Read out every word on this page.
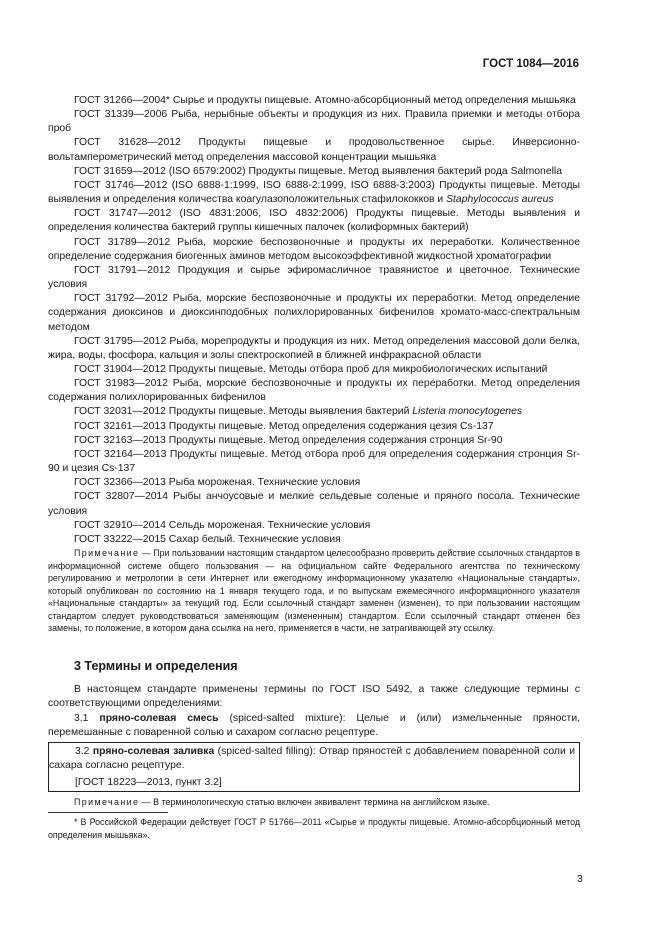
ГОСТ 1084—2016

ГОСТ 31266—2004* Сырье и продукты пищевые. Атомно-абсорбционный метод определения мышьяка

ГОСТ 31339—2006 Рыба, нерыбные объекты и продукция из них. Правила приемки и методы отбора проб

ГОСТ 31628—2012 Продукты пищевые и продовольственное сырье. Инверсионно-вольтамперометрический метод определения массовой концентрации мышьяка

ГОСТ 31659—2012 (ISO 6579:2002) Продукты пищевые. Метод выявления бактерий рода Salmonella

ГОСТ 31746—2012 (ISO 6888-1:1999, ISO 6888-2:1999, ISO 6888-3:2003) Продукты пищевые. Методы выявления и определения количества коагулазоположительных стафилококков и Staphylococcus aureus

ГОСТ 31747—2012 (ISO 4831:2006, ISO 4832:2006) Продукты пищевые. Методы выявления и определения количества бактерий группы кишечных палочек (колиформных бактерий)

ГОСТ 31789—2012 Рыба, морские беспозвоночные и продукты их переработки. Количественное определение содержания биогенных аминов методом высокоэффективной жидкостной хроматографии

ГОСТ 31791—2012 Продукция и сырье эфиромасличное травянистое и цветочное. Технические условия

ГОСТ 31792—2012 Рыба, морские беспозвоночные и продукты их переработки. Метод определение содержания диоксинов и диоксинподобных полихлорированных бифенилов хромато-масс-спектральным методом

ГОСТ 31795—2012 Рыба, морепродукты и продукция из них. Метод определения массовой доли белка, жира, воды, фосфора, кальция и золы спектроскопией в ближней инфракрасной области

ГОСТ 31904—2012 Продукты пищевые. Методы отбора проб для микробиологических испытаний

ГОСТ 31983—2012 Рыба, морские беспозвоночные и продукты их переработки. Метод определения содержания полихлорированных бифенилов

ГОСТ 32031—2012 Продукты пищевые. Методы выявления бактерий Listeria monocytogenes

ГОСТ 32161—2013 Продукты пищевые. Метод определения содержания цезия Cs-137

ГОСТ 32163—2013 Продукты пищевые. Метод определения содержания стронция Sr-90

ГОСТ 32164—2013 Продукты пищевые. Метод отбора проб для определения содержания стронция Sr-90 и цезия Cs-137

ГОСТ 32366—2013 Рыба мороженая. Технические условия

ГОСТ 32807—2014 Рыбы анчоусовые и мелкие сельдевые соленые и пряного посола. Технические условия

ГОСТ 32910—2014 Сельдь мороженая. Технические условия

ГОСТ 33222—2015 Сахар белый. Технические условия

Примечание — При пользовании настоящим стандартом целесообразно проверить действие ссылочных стандартов в информационной системе общего пользования — на официальном сайте Федерального агентства по техническому регулированию и метрологии в сети Интернет или ежегодному информационному указателю «Национальные стандарты», который опубликован по состоянию на 1 января текущего года, и по выпускам ежемесячного информационного указателя «Национальные стандарты» за текущий год. Если ссылочный стандарт заменен (изменен), то при пользовании настоящим стандартом следует руководствоваться заменяющим (измененным) стандартом. Если ссылочный стандарт отменен без замены, то положение, в котором дана ссылка на него, применяется в части, не затрагивающей эту ссылку.

3 Термины и определения

В настоящем стандарте применены термины по ГОСТ ISO 5492, а также следующие термины с соответствующими определениями:

3.1 пряно-солевая смесь (spiced-salted mixture): Целые и (или) измельченные пряности, перемешанные с поваренной солью и сахаром согласно рецептуре.

3.2 пряно-солевая заливка (spiced-salted filling): Отвар пряностей с добавлением поваренной соли и сахара согласно рецептуре.

[ГОСТ 18223—2013, пункт 3.2]

Примечание — В терминологическую статью включен эквивалент термина на английском языке.

* В Российской Федерации действует ГОСТ Р 51766—2011 «Сырье и продукты пищевые. Атомно-абсорбционный метод определения мышьяка».

3
